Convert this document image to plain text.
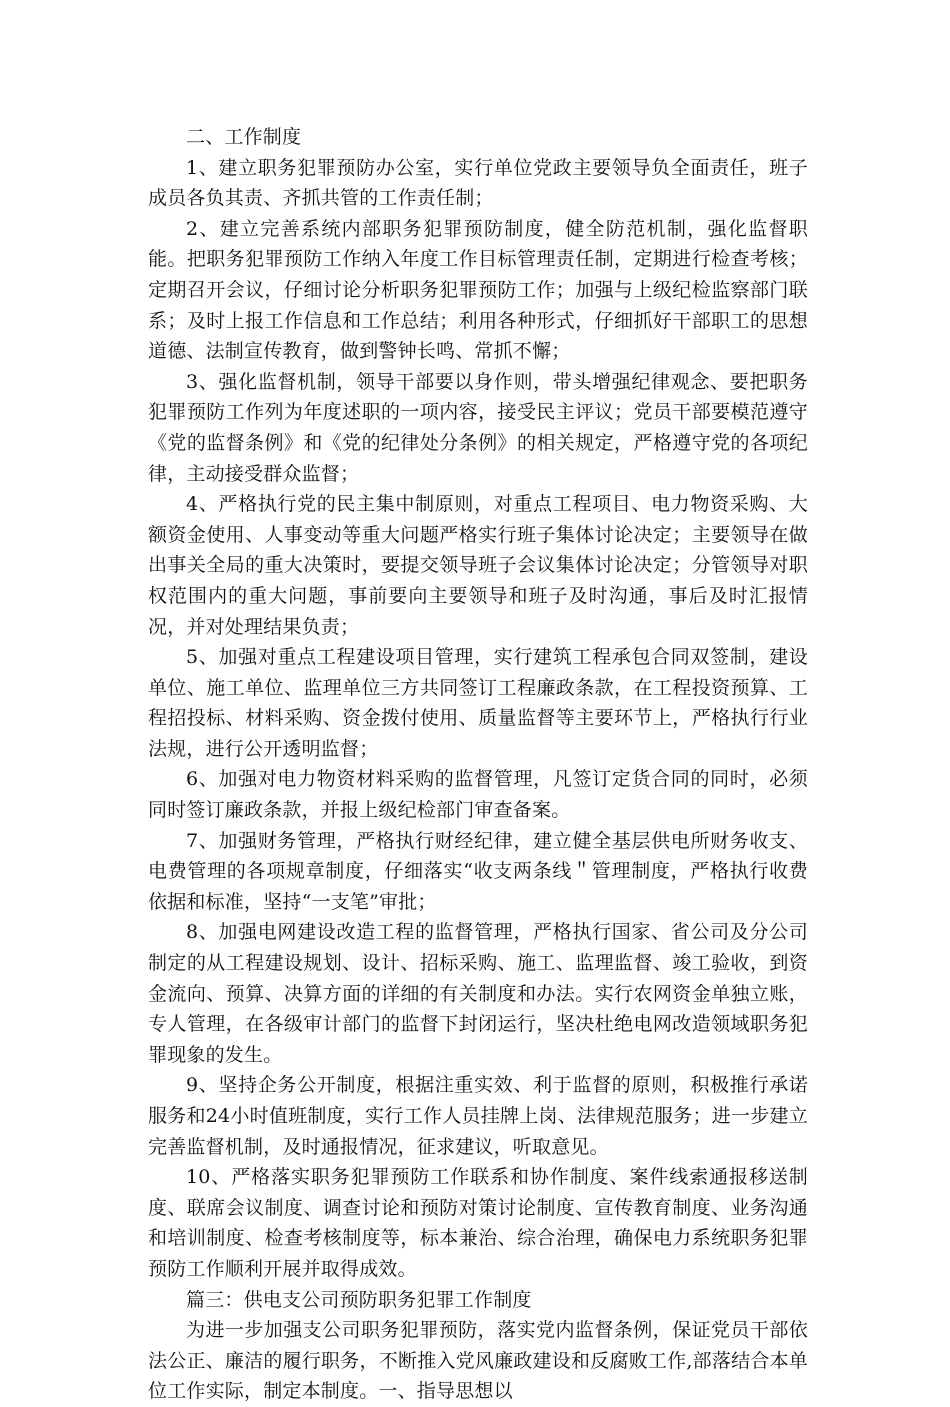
二、工作制度

1、建立职务犯罪预防办公室，实行单位党政主要领导负全面责任，班子成员各负其责、齐抓共管的工作责任制；

2、建立完善系统内部职务犯罪预防制度，健全防范机制，强化监督职能。把职务犯罪预防工作纳入年度工作目标管理责任制，定期进行检查考核；定期召开会议，仔细讨论分析职务犯罪预防工作；加强与上级纪检监察部门联系；及时上报工作信息和工作总结；利用各种形式，仔细抓好干部职工的思想道德、法制宣传教育，做到警钟长鸣、常抓不懈；

3、强化监督机制，领导干部要以身作则，带头增强纪律观念、要把职务犯罪预防工作列为年度述职的一项内容，接受民主评议；党员干部要模范遵守《党的监督条例》和《党的纪律处分条例》的相关规定，严格遵守党的各项纪律，主动接受群众监督；

4、严格执行党的民主集中制原则，对重点工程项目、电力物资采购、大额资金使用、人事变动等重大问题严格实行班子集体讨论决定；主要领导在做出事关全局的重大决策时，要提交领导班子会议集体讨论决定；分管领导对职权范围内的重大问题，事前要向主要领导和班子及时沟通，事后及时汇报情况，并对处理结果负责；

5、加强对重点工程建设项目管理，实行建筑工程承包合同双签制，建设单位、施工单位、监理单位三方共同签订工程廉政条款，在工程投资预算、工程招投标、材料采购、资金拨付使用、质量监督等主要环节上，严格执行行业法规，进行公开透明监督；

6、加强对电力物资材料采购的监督管理，凡签订定货合同的同时，必须同时签订廉政条款，并报上级纪检部门审查备案。

7、加强财务管理，严格执行财经纪律，建立健全基层供电所财务收支、电费管理的各项规章制度，仔细落实“收支两条线＂管理制度，严格执行收费依据和标准，坚持“一支笔”审批；

8、加强电网建设改造工程的监督管理，严格执行国家、省公司及分公司制定的从工程建设规划、设计、招标采购、施工、监理监督、竣工验收，到资金流向、预算、决算方面的详细的有关制度和办法。实行农网资金单独立账，专人管理，在各级审计部门的监督下封闭运行，坚决杜绝电网改造领域职务犯罪现象的发生。

9、坚持企务公开制度，根据注重实效、利于监督的原则，积极推行承诺服务和24小时值班制度，实行工作人员挂牌上岗、法律规范服务；进一步建立完善监督机制，及时通报情况，征求建议，听取意见。

10、严格落实职务犯罪预防工作联系和协作制度、案件线索通报移送制度、联席会议制度、调查讨论和预防对策讨论制度、宣传教育制度、业务沟通和培训制度、检查考核制度等，标本兼治、综合治理，确保电力系统职务犯罪预防工作顺利开展并取得成效。

篇三：供电支公司预防职务犯罪工作制度

为进一步加强支公司职务犯罪预防，落实党内监督条例，保证党员干部依法公正、廉洁的履行职务，不断推入党风廉政建设和反腐败工作,部落结合本单位工作实际，制定本制度。一、指导思想以
